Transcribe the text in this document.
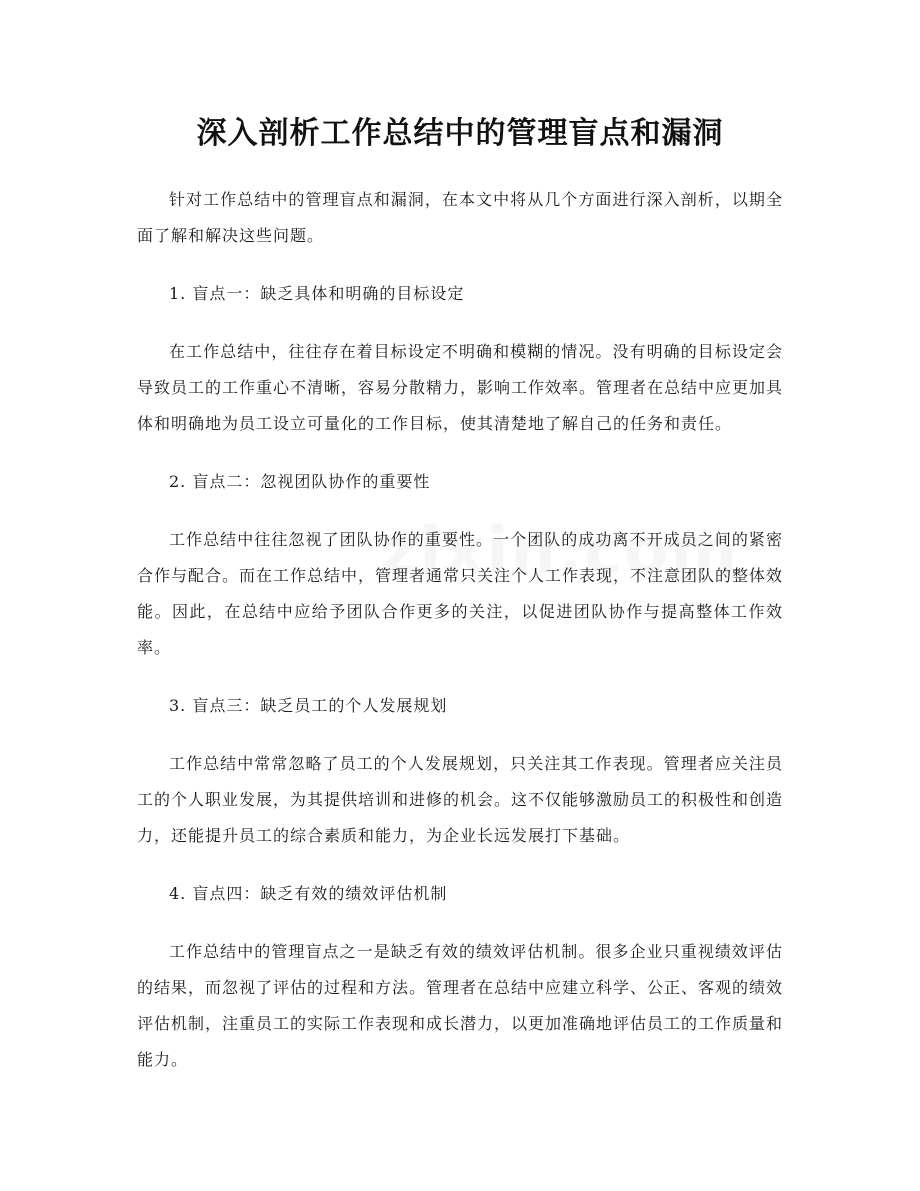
深入剖析工作总结中的管理盲点和漏洞

针对工作总结中的管理盲点和漏洞，在本文中将从几个方面进行深入剖析，以期全面了解和解决这些问题。

1. 盲点一：缺乏具体和明确的目标设定

在工作总结中，往往存在着目标设定不明确和模糊的情况。没有明确的目标设定会导致员工的工作重心不清晰，容易分散精力，影响工作效率。管理者在总结中应更加具体和明确地为员工设立可量化的工作目标，使其清楚地了解自己的任务和责任。

2. 盲点二：忽视团队协作的重要性

工作总结中往往忽视了团队协作的重要性。一个团队的成功离不开成员之间的紧密合作与配合。而在工作总结中，管理者通常只关注个人工作表现，不注意团队的整体效能。因此，在总结中应给予团队合作更多的关注，以促进团队协作与提高整体工作效率。

3. 盲点三：缺乏员工的个人发展规划

工作总结中常常忽略了员工的个人发展规划，只关注其工作表现。管理者应关注员工的个人职业发展，为其提供培训和进修的机会。这不仅能够激励员工的积极性和创造力，还能提升员工的综合素质和能力，为企业长远发展打下基础。

4. 盲点四：缺乏有效的绩效评估机制

工作总结中的管理盲点之一是缺乏有效的绩效评估机制。很多企业只重视绩效评估的结果，而忽视了评估的过程和方法。管理者在总结中应建立科学、公正、客观的绩效评估机制，注重员工的实际工作表现和成长潜力，以更加准确地评估员工的工作质量和能力。
